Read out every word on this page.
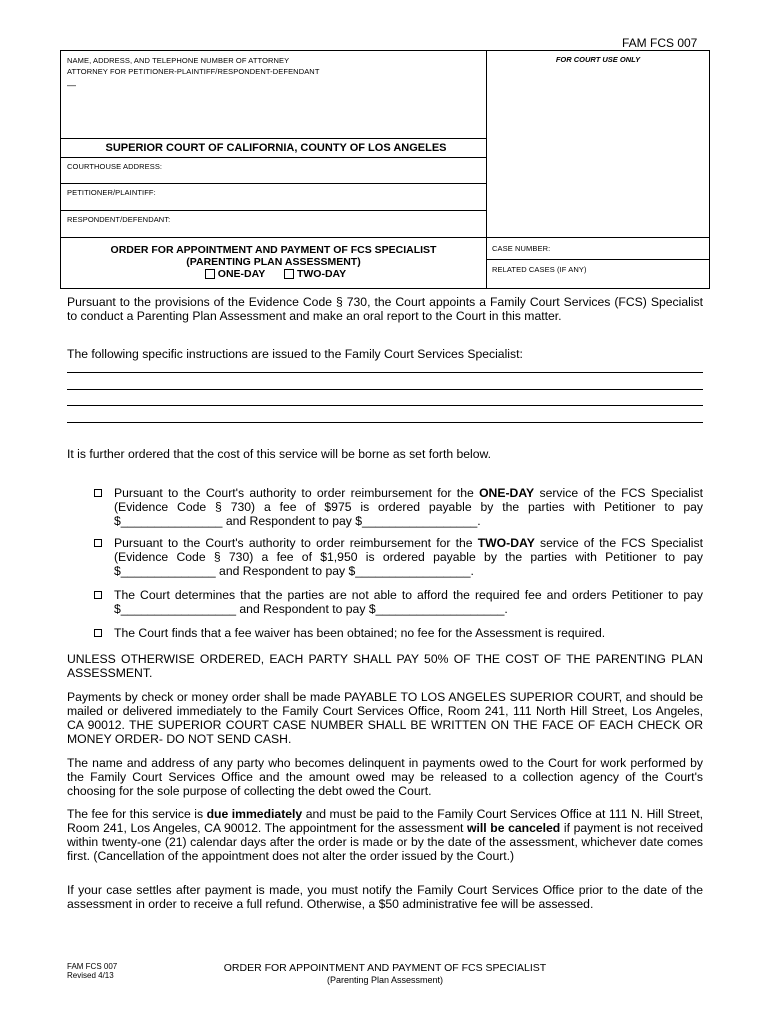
FAM FCS 007
NAME, ADDRESS, AND TELEPHONE NUMBER OF ATTORNEY
ATTORNEY FOR PETITIONER-PLAINTIFF/RESPONDENT-DEFENDANT
—
FOR COURT USE ONLY
SUPERIOR COURT OF CALIFORNIA, COUNTY OF LOS ANGELES
COURTHOUSE ADDRESS:
PETITIONER/PLAINTIFF:
RESPONDENT/DEFENDANT:
ORDER FOR APPOINTMENT AND PAYMENT OF FCS SPECIALIST
(PARENTING PLAN ASSESSMENT)
ONE-DAY	TWO-DAY
CASE NUMBER:
RELATED CASES (IF ANY)
Pursuant to the provisions of the Evidence Code § 730, the Court appoints a Family Court Services (FCS) Specialist to conduct a Parenting Plan Assessment and make an oral report to the Court in this matter.
The following specific instructions are issued to the Family Court Services Specialist:
It is further ordered that the cost of this service will be borne as set forth below.
Pursuant to the Court's authority to order reimbursement for the ONE-DAY service of the FCS Specialist (Evidence Code § 730) a fee of $975 is ordered payable by the parties with Petitioner to pay $_______________ and Respondent to pay $_________________.
Pursuant to the Court's authority to order reimbursement for the TWO-DAY service of the FCS Specialist (Evidence Code § 730) a fee of $1,950 is ordered payable by the parties with Petitioner to pay $______________ and Respondent to pay $_________________.
The Court determines that the parties are not able to afford the required fee and orders Petitioner to pay $_________________ and Respondent to pay $___________________.
The Court finds that a fee waiver has been obtained; no fee for the Assessment is required.
UNLESS OTHERWISE ORDERED, EACH PARTY SHALL PAY 50% OF THE COST OF THE PARENTING PLAN ASSESSMENT.
Payments by check or money order shall be made PAYABLE TO LOS ANGELES SUPERIOR COURT, and should be mailed or delivered immediately to the Family Court Services Office, Room 241, 111 North Hill Street, Los Angeles, CA 90012. THE SUPERIOR COURT CASE NUMBER SHALL BE WRITTEN ON THE FACE OF EACH CHECK OR MONEY ORDER- DO NOT SEND CASH.
The name and address of any party who becomes delinquent in payments owed to the Court for work performed by the Family Court Services Office and the amount owed may be released to a collection agency of the Court's choosing for the sole purpose of collecting the debt owed the Court.
The fee for this service is due immediately and must be paid to the Family Court Services Office at 111 N. Hill Street, Room 241, Los Angeles, CA 90012. The appointment for the assessment will be canceled if payment is not received within twenty-one (21) calendar days after the order is made or by the date of the assessment, whichever date comes first. (Cancellation of the appointment does not alter the order issued by the Court.)
If your case settles after payment is made, you must notify the Family Court Services Office prior to the date of the assessment in order to receive a full refund. Otherwise, a $50 administrative fee will be assessed.
FAM FCS 007
Revised 4/13
ORDER FOR APPOINTMENT AND PAYMENT OF FCS SPECIALIST
(Parenting Plan Assessment)
